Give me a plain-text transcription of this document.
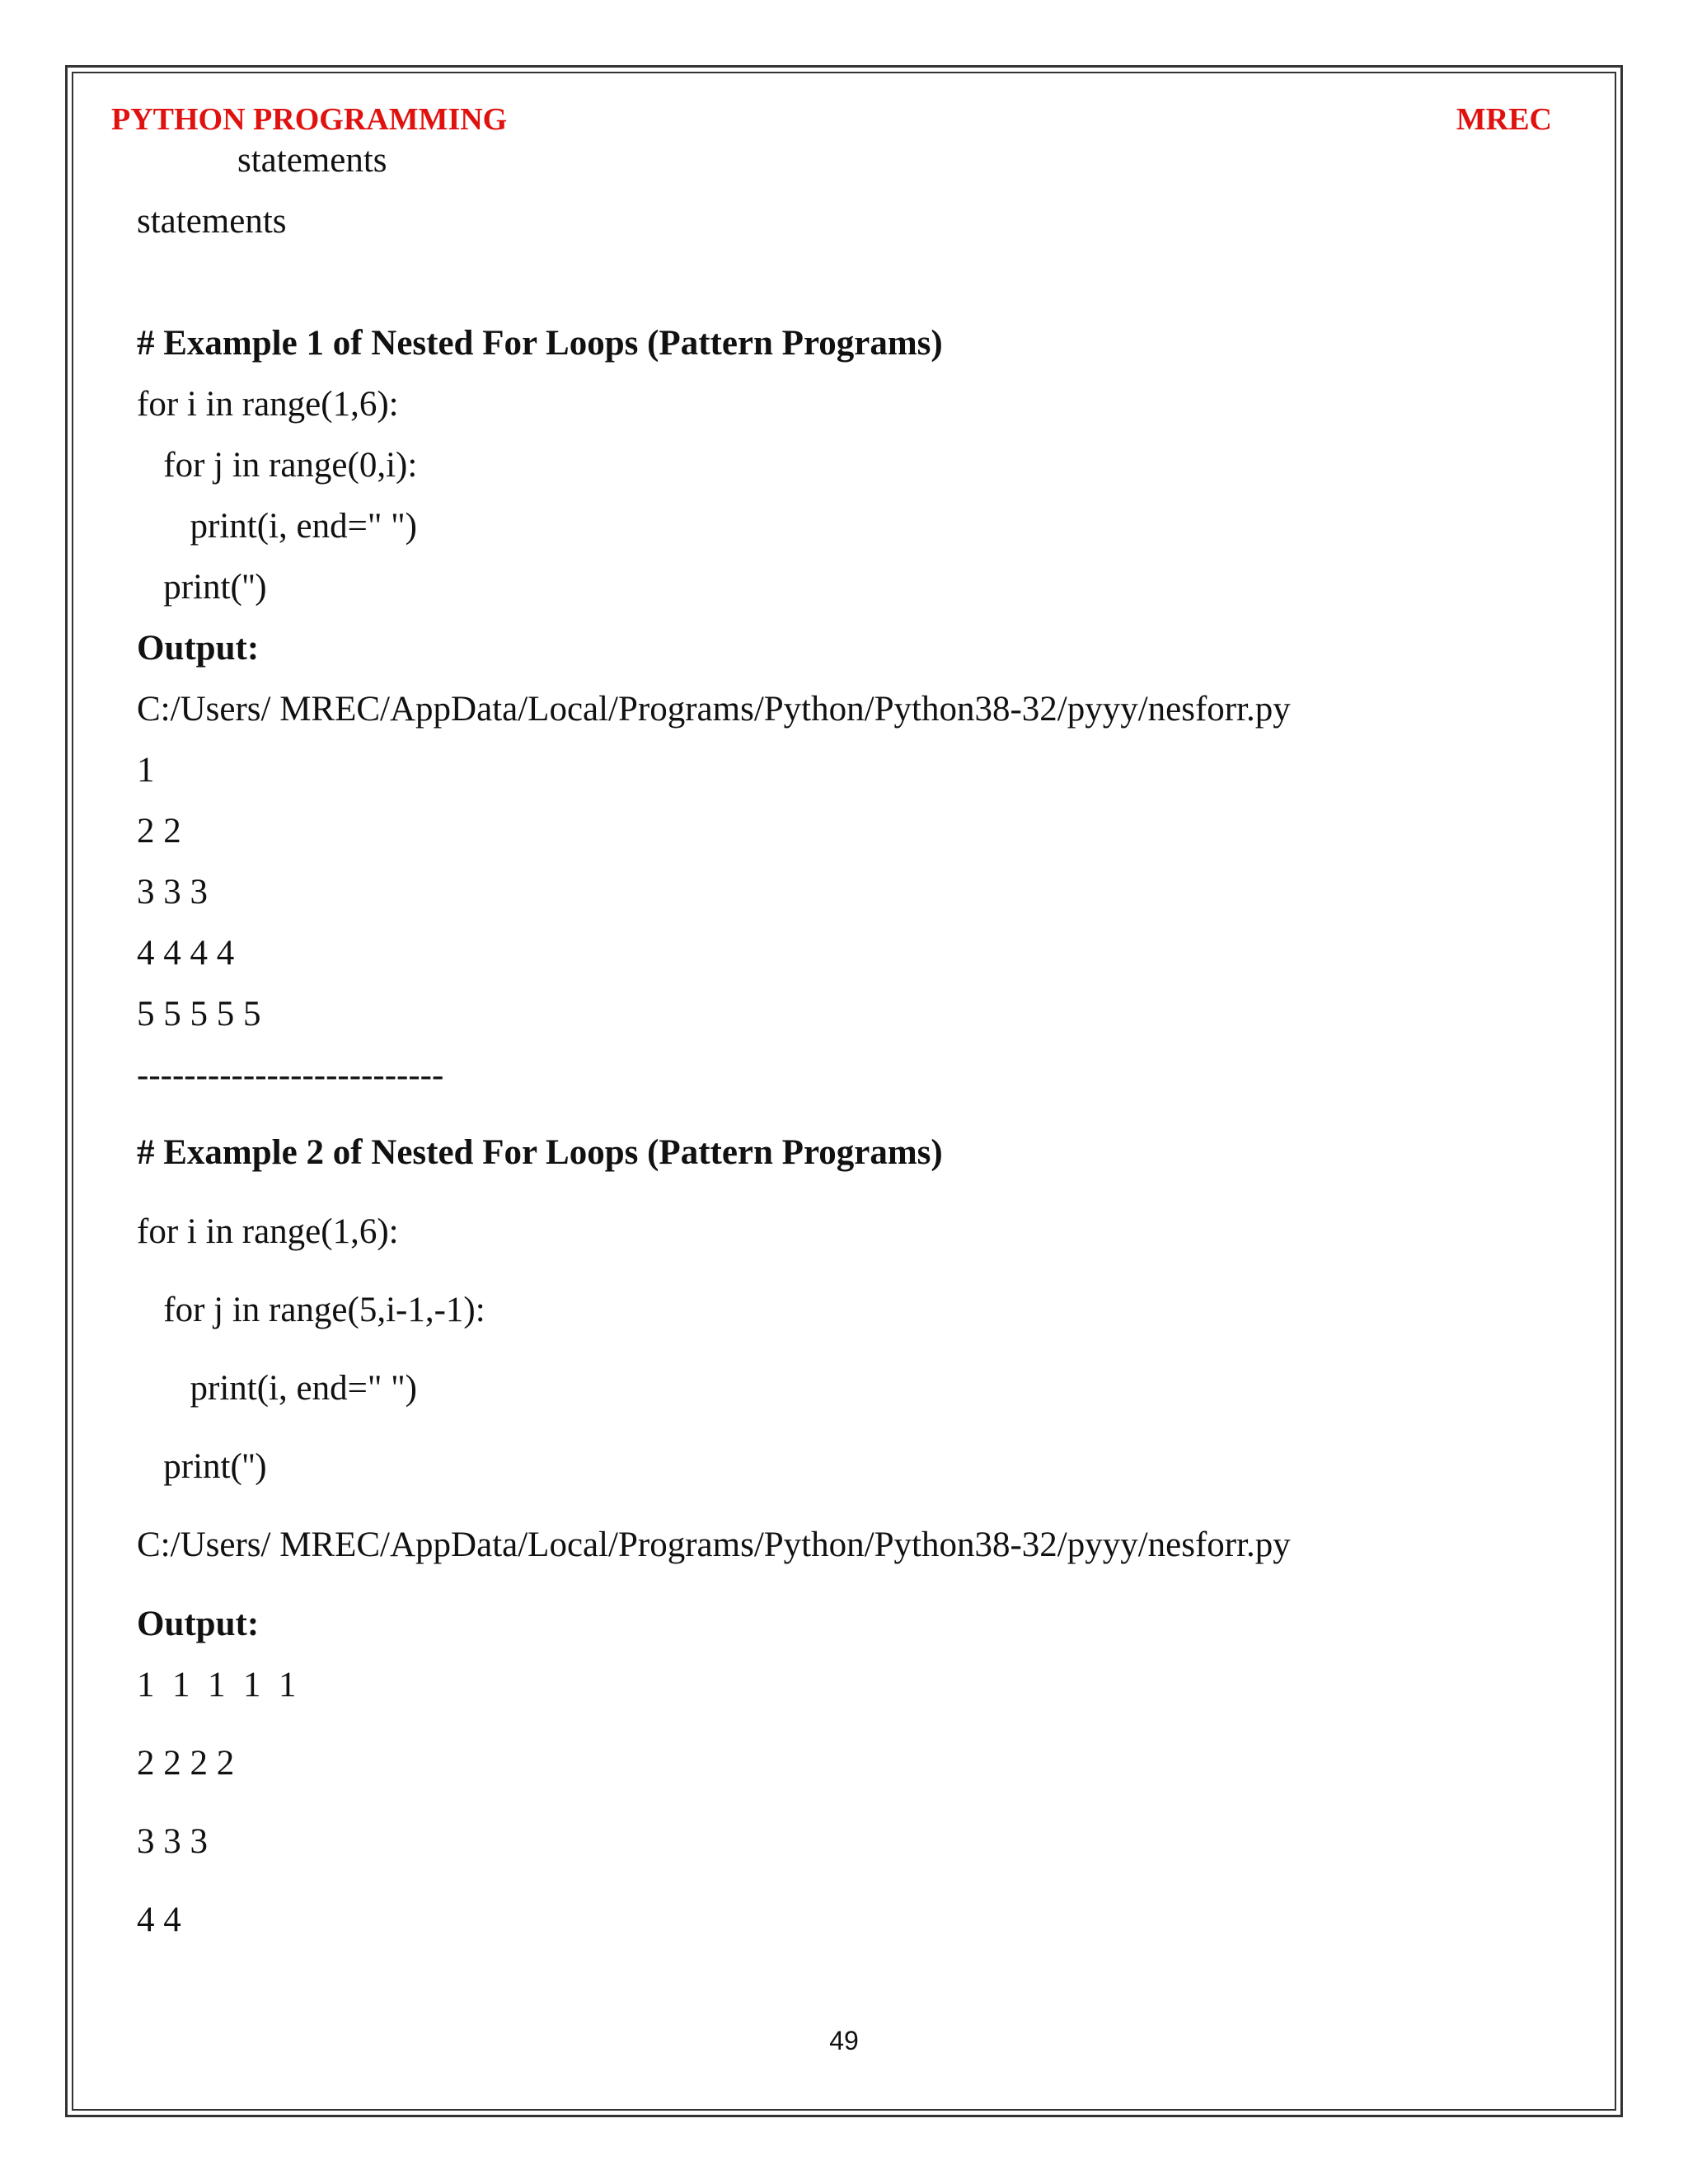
PYTHON PROGRAMMING	MREC
statements
statements
# Example 1 of Nested For Loops (Pattern Programs)
for i in range(1,6):
for j in range(0,i):
print(i, end=" ")
print('')
Output:
C:/Users/ MREC/AppData/Local/Programs/Python/Python38-32/pyyy/nesforr.py
1
2 2
3 3 3
4 4 4 4
5 5 5 5 5
--------------------------
# Example 2 of Nested For Loops (Pattern Programs)
for i in range(1,6):
for j in range(5,i-1,-1):
print(i, end=" ")
print('')
C:/Users/ MREC/AppData/Local/Programs/Python/Python38-32/pyyy/nesforr.py
Output:
1  1  1  1  1
2 2 2 2
3 3 3
4 4
49
